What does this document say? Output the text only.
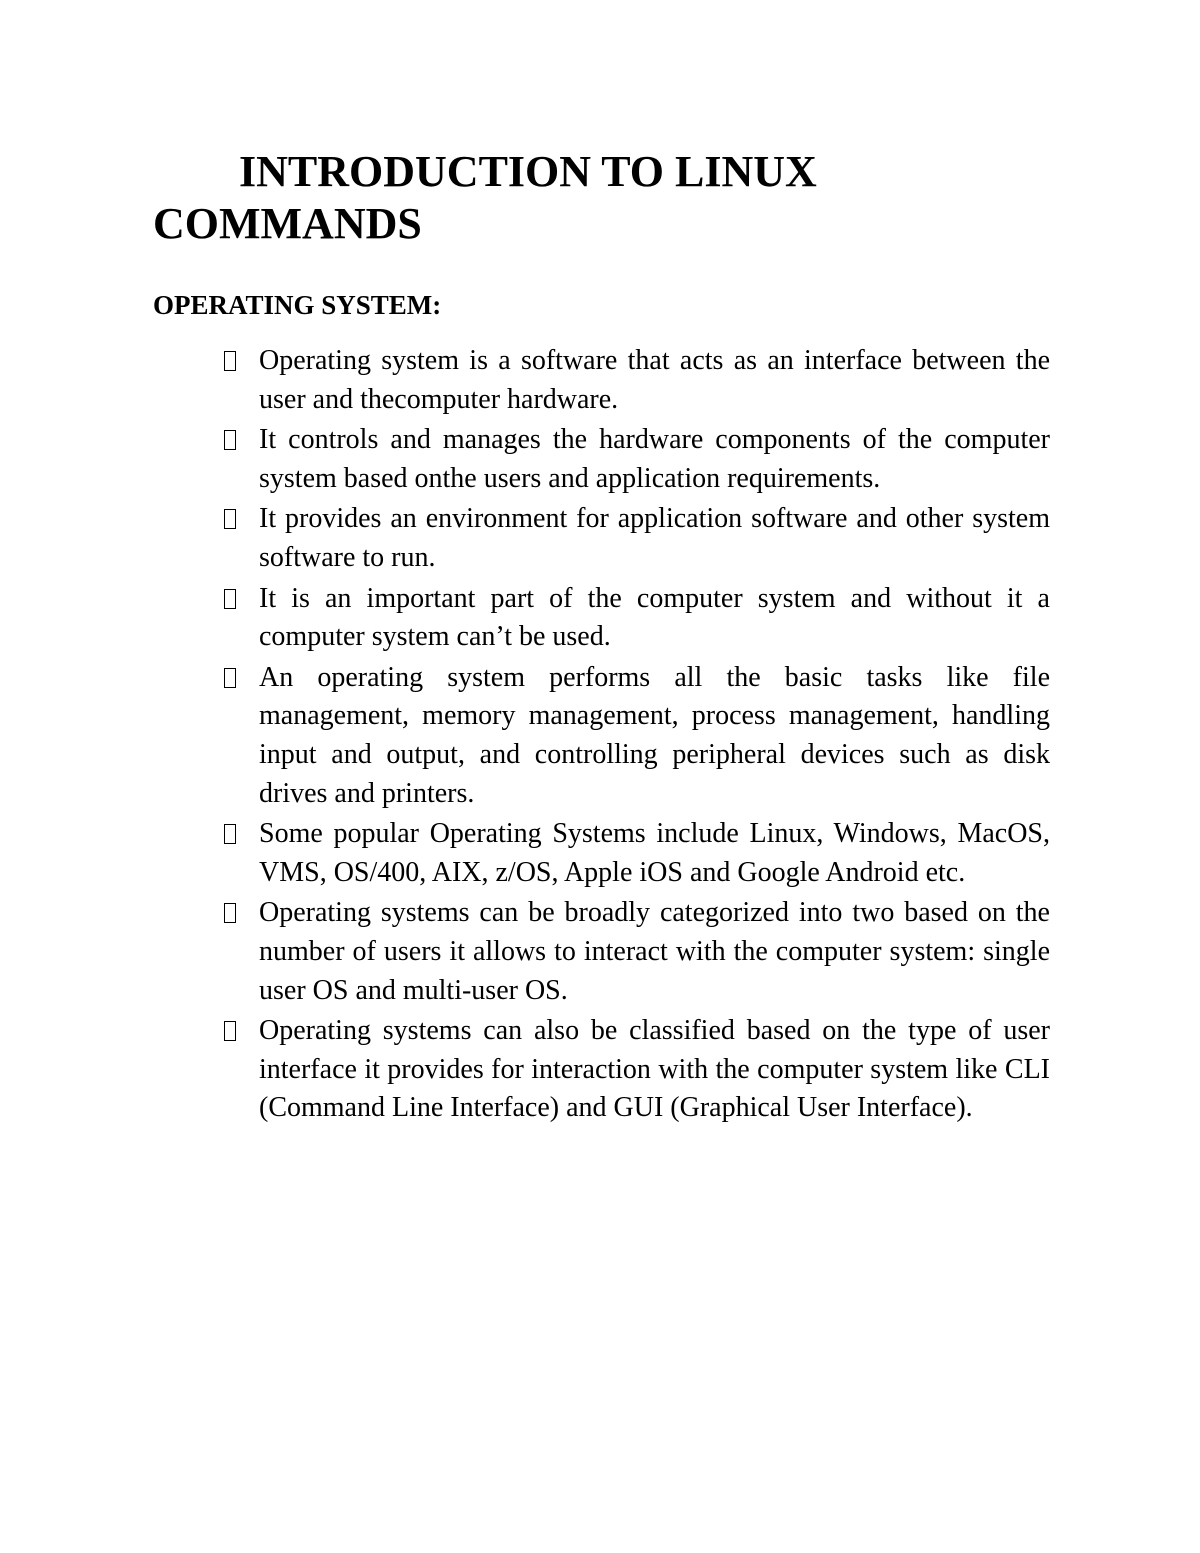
INTRODUCTION TO LINUX COMMANDS
OPERATING SYSTEM:
Operating system is a software that acts as an interface between the user and thecomputer hardware.
It controls and manages the hardware components of the computer system based onthe users and application requirements.
It provides an environment for application software and other system software to run.
It is an important part of the computer system and without it a computer system can’t be used.
An operating system performs all the basic tasks like file management, memory management, process management, handling input and output, and controlling peripheral devices such as disk drives and printers.
Some popular Operating Systems include Linux, Windows, MacOS, VMS, OS/400, AIX, z/OS, Apple iOS and Google Android etc.
Operating systems can be broadly categorized into two based on the number of users it allows to interact with the computer system: single user OS and multi-user OS.
Operating systems can also be classified based on the type of user interface it provides for interaction with the computer system like CLI (Command Line Interface) and GUI (Graphical User Interface).
